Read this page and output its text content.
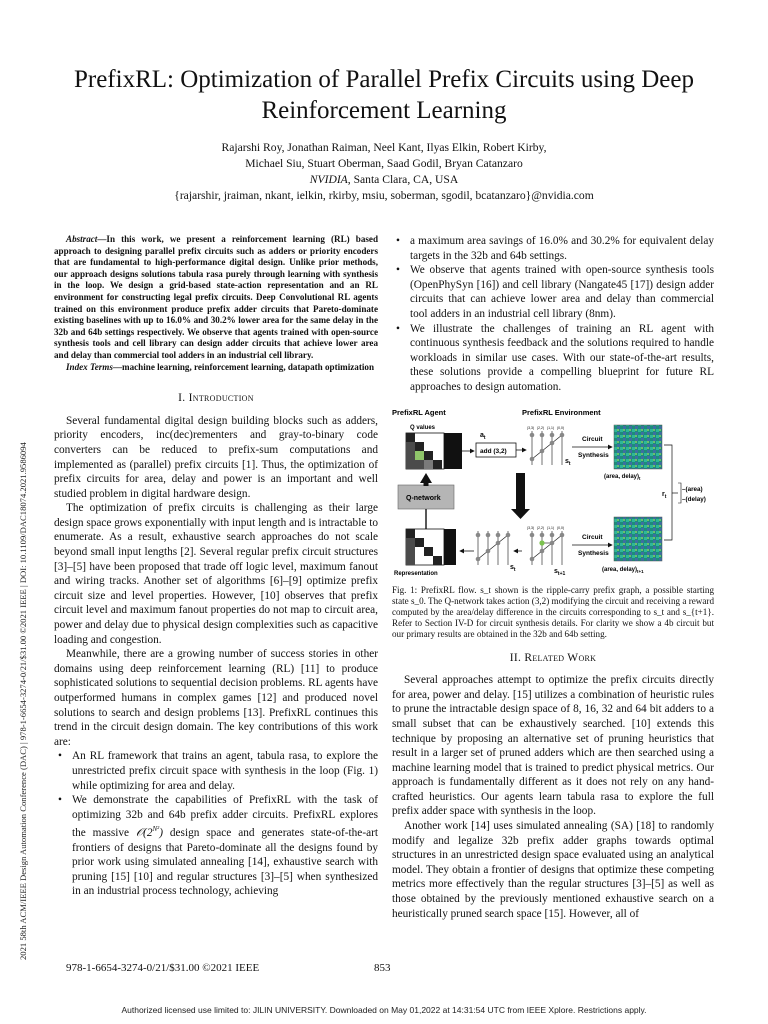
2021 58th ACM/IEEE Design Automation Conference (DAC) | 978-1-6654-3274-0/21/$31.00 ©2021 IEEE | DOI: 10.1109/DAC18074.2021.9586094
PrefixRL: Optimization of Parallel Prefix Circuits using Deep Reinforcement Learning
Rajarshi Roy, Jonathan Raiman, Neel Kant, Ilyas Elkin, Robert Kirby,
Michael Siu, Stuart Oberman, Saad Godil, Bryan Catanzaro
NVIDIA, Santa Clara, CA, USA
{rajarshir, jraiman, nkant, ielkin, rkirby, msiu, soberman, sgodil, bcatanzaro}@nvidia.com

Abstract—In this work, we present a reinforcement learning (RL) based approach to designing parallel prefix circuits such as adders or priority encoders that are fundamental to high-performance digital design. Unlike prior methods, our approach designs solutions tabula rasa purely through learning with synthesis in the loop. We design a grid-based state-action representation and an RL environment for constructing legal prefix circuits. Deep Convolutional RL agents trained on this environment produce prefix adder circuits that Pareto-dominate existing baselines with up to 16.0% and 30.2% lower area for the same delay in the 32b and 64b settings respectively. We observe that agents trained with open-source synthesis tools and cell library can design adder circuits that achieve lower area and delay than commercial tool adders in an industrial cell library.

Index Terms—machine learning, reinforcement learning, datapath optimization

I. Introduction

Several fundamental digital design building blocks such as adders, priority encoders, inc(dec)rementers and gray-to-binary code converters can be reduced to prefix-sum computations and implemented as (parallel) prefix circuits [1]. Thus, the optimization of prefix circuits for area, delay and power is an important and well studied problem in digital hardware design.

The optimization of prefix circuits is challenging as their large design space grows exponentially with input length and is intractable to enumerate. As a result, exhaustive search approaches do not scale beyond small input lengths [2]. Several regular prefix circuit structures [3]–[5] have been proposed that trade off logic level, maximum fanout and wiring tracks. Another set of algorithms [6]–[9] optimize prefix circuit size and level properties. However, [10] observes that prefix circuit level and maximum fanout properties do not map to circuit area, power and delay due to physical design complexities such as capacitive loading and congestion.

Meanwhile, there are a growing number of success stories in other domains using deep reinforcement learning (RL) [11] to produce sophisticated solutions to sequential decision problems. RL agents have outperformed humans in complex games [12] and produced novel solutions to search and design problems [13]. PrefixRL continues this trend in the circuit design domain. The key contributions of this work are:

• An RL framework that trains an agent, tabula rasa, to explore the unrestricted prefix circuit space with synthesis in the loop (Fig. 1) while optimizing for area and delay.
• We demonstrate the capabilities of PrefixRL with the task of optimizing 32b and 64b prefix adder circuits. PrefixRL explores the massive $𝒪(2^{N^2})$ design space and generates state-of-the-art frontiers of designs that Pareto-dominate all the designs found by prior work using simulated annealing [14], exhaustive search with pruning [15] [10] and regular structures [3]–[5] when synthesized in an industrial process technology, achieving
• a maximum area savings of 16.0% and 30.2% for equivalent delay targets in the 32b and 64b settings.
• We observe that agents trained with open-source synthesis tools (OpenPhySyn [16]) and cell library (Nangate45 [17]) design adder circuits that can achieve lower area and delay than commercial tool adders in an industrial cell library (8nm).
• We illustrate the challenges of training an RL agent with continuous synthesis feedback and the solutions required to handle workloads in similar use cases. With our state-of-the-art results, these solutions provide a compelling blueprint for future RL approaches to design automation.
PrefixRL Agent	PrefixRL Environment
Q values
$a_t$
add (3,2)
(3,3) (2,2) (1,1) (0,0)
$s_t$
Circuit
Synthesis
(area, $delay)_t$
$r_t$
–(area)
–(delay)
Q-network
Representation
$s_t$
(3,3) (2,2) (1,1) (0,0)
$s_{t+1}$
Circuit
Synthesis
(area, $delay)_{t+1}$

Fig. 1: PrefixRL flow. s_t shown is the ripple-carry prefix graph, a possible starting state s_0. The Q-network takes action (3,2) modifying the circuit and receiving a reward computed by the area/delay difference in the circuits corresponding to s_t and s_{t+1}. Refer to Section IV-D for circuit synthesis details. For clarity we show a 4b circuit but our primary results are obtained in the 32b and 64b setting.

II. Related Work

Several approaches attempt to optimize the prefix circuits directly for area, power and delay. [15] utilizes a combination of heuristic rules to prune the intractable design space of 8, 16, 32 and 64 bit adders to a small subset that can be exhaustively searched. [10] extends this technique by proposing an alternative set of pruning heuristics that result in a larger set of pruned adders which are then searched using a machine learning model that is trained to predict physical metrics. Our approach is fundamentally different as it does not rely on any hand-crafted heuristics. Our agents learn tabula rasa to explore the full prefix adder space with synthesis in the loop.

Another work [14] uses simulated annealing (SA) [18] to randomly modify and legalize 32b prefix adder graphs towards optimal structures in an unrestricted design space evaluated using an analytical model. They obtain a frontier of designs that optimize these competing metrics more effectively than the regular structures [3]–[5] as well as those obtained by the previously mentioned exhaustive search on a heuristically pruned search space [15]. However, all of

978-1-6654-3274-0/21/$31.00 ©2021 IEEE	853
Authorized licensed use limited to: JILIN UNIVERSITY. Downloaded on May 01,2022 at 14:31:54 UTC from IEEE Xplore. Restrictions apply.
